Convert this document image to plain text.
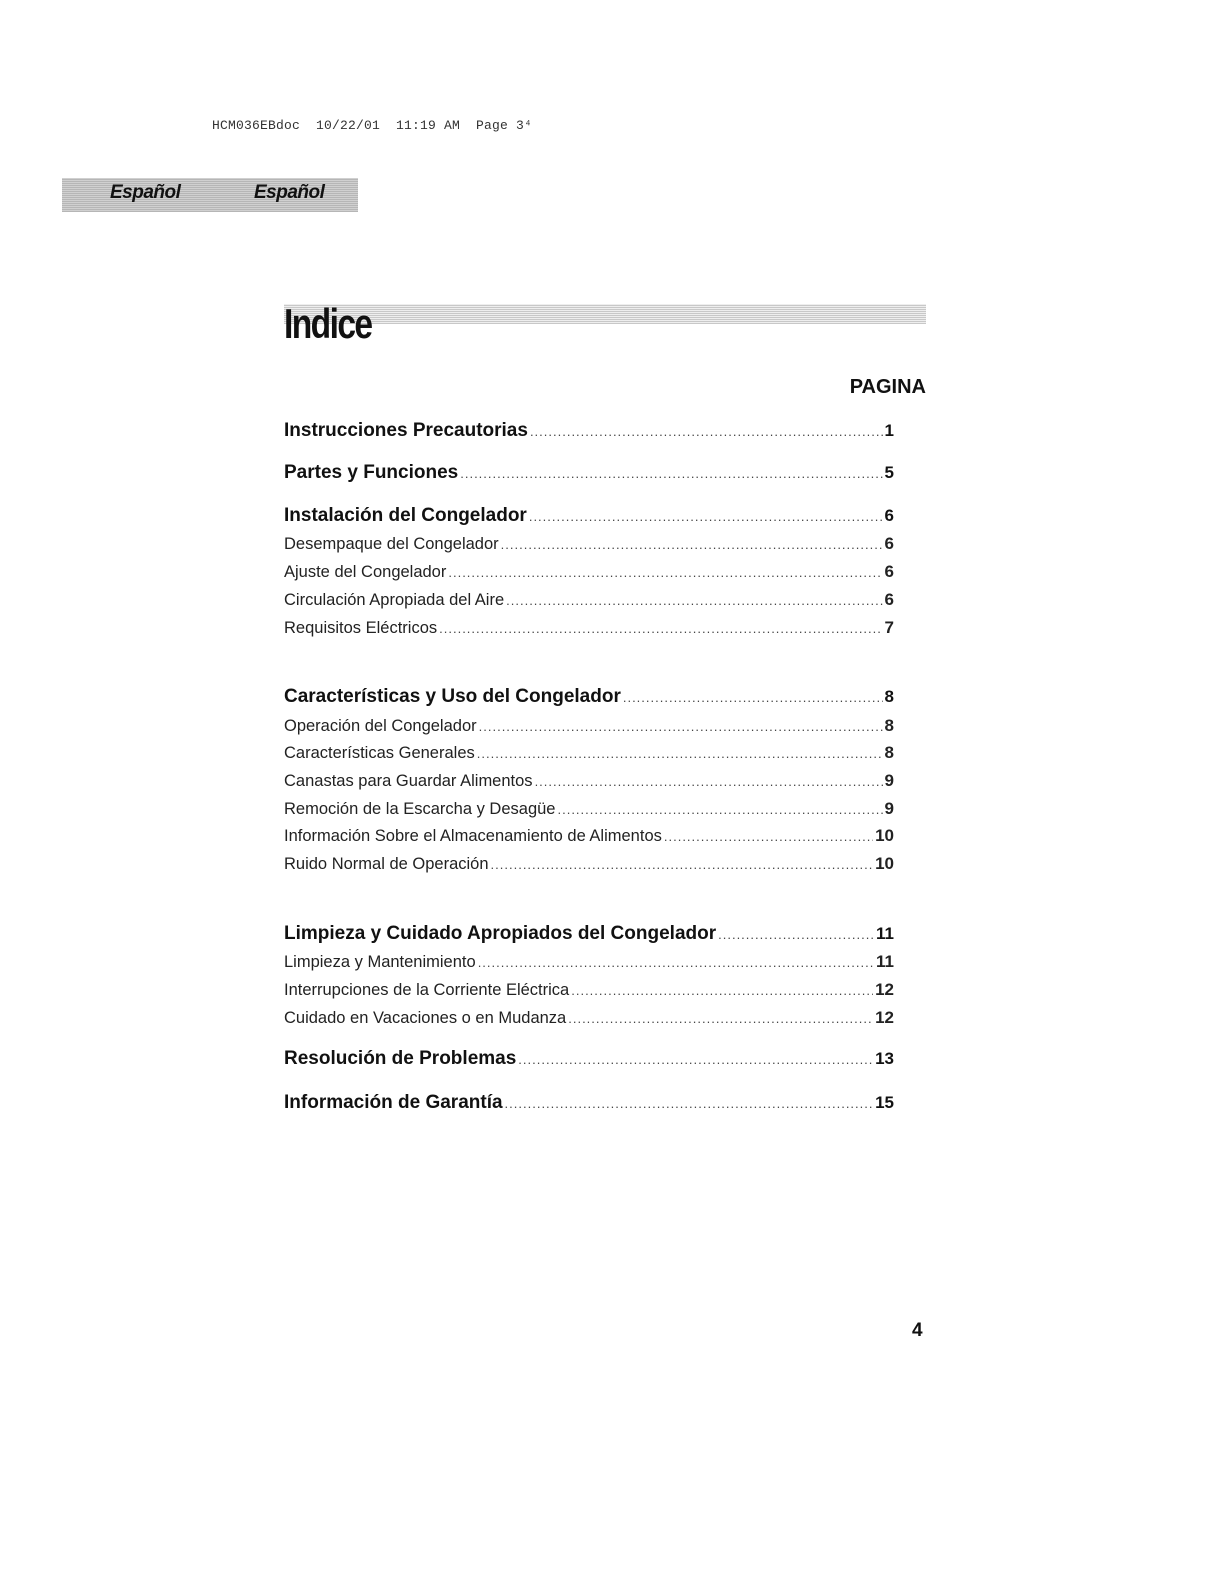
HCM036EBdoc  10/22/01  11:19 AM  Page 3⁴
Español	Español
Indice
PAGINA
Instrucciones Precautorias .....	1
Partes y Funciones .....	5
Instalación del Congelador .....	6
Desempaque del Congelador .....	6
Ajuste del Congelador .....	6
Circulación Apropiada del Aire .....	6
Requisitos Eléctricos .....	7
Características y Uso del Congelador .....	8
Operación del Congelador .....	8
Características Generales .....	8
Canastas para Guardar Alimentos .....	9
Remoción de la Escarcha y Desagüe .....	9
Información Sobre el Almacenamiento de Alimentos .....	10
Ruido Normal de Operación .....	10
Limpieza y Cuidado Apropiados del Congelador .....	11
Limpieza y Mantenimiento .....	11
Interrupciones de la Corriente Eléctrica .....	12
Cuidado en Vacaciones o en Mudanza .....	12
Resolución de Problemas .....	13
Información de Garantía .....	15
4
